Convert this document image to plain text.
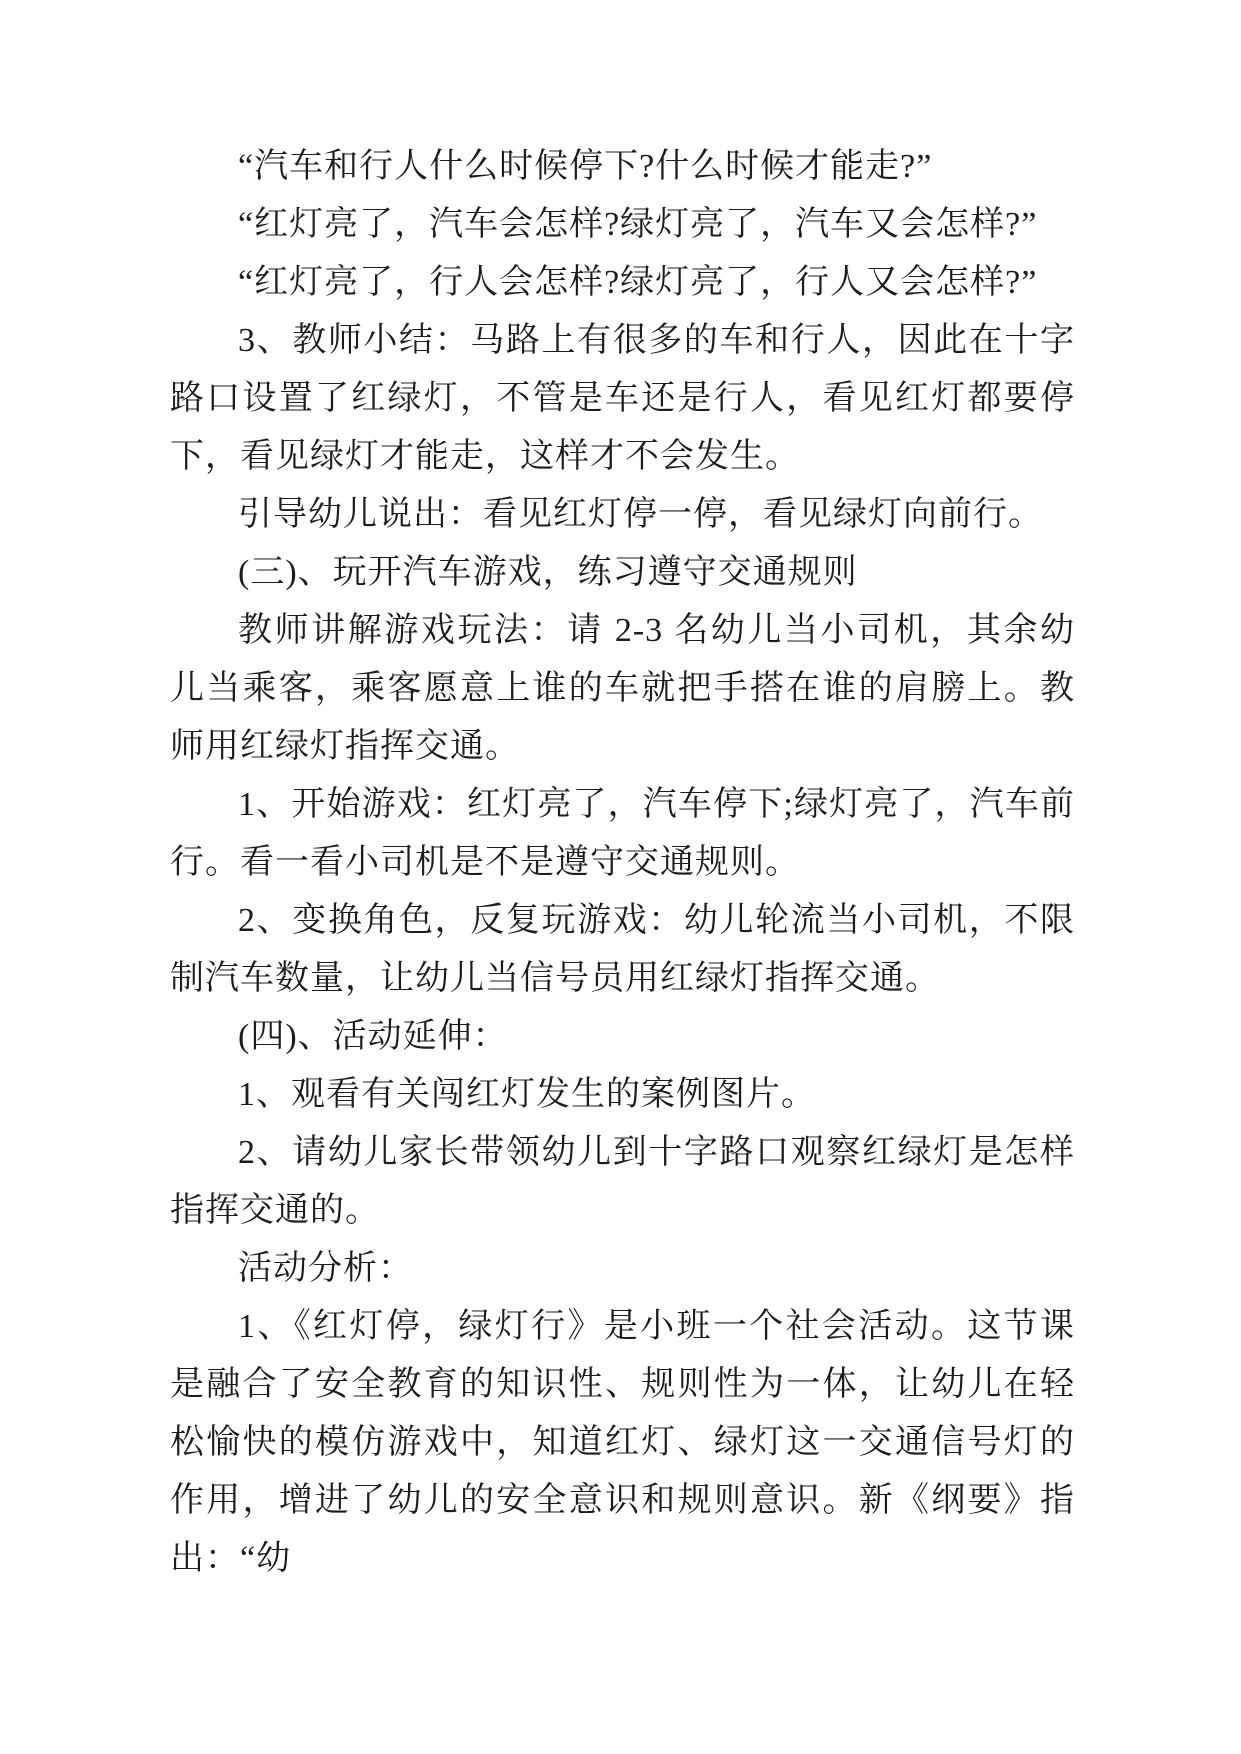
“汽车和行人什么时候停下?什么时候才能走?”

“红灯亮了，汽车会怎样?绿灯亮了，汽车又会怎样?”

“红灯亮了，行人会怎样?绿灯亮了，行人又会怎样?”

3、教师小结：马路上有很多的车和行人，因此在十字路口设置了红绿灯，不管是车还是行人，看见红灯都要停下，看见绿灯才能走，这样才不会发生。

引导幼儿说出：看见红灯停一停，看见绿灯向前行。

(三)、玩开汽车游戏，练习遵守交通规则

教师讲解游戏玩法：请 2-3 名幼儿当小司机，其余幼儿当乘客，乘客愿意上谁的车就把手搭在谁的肩膀上。教师用红绿灯指挥交通。

1、开始游戏：红灯亮了，汽车停下;绿灯亮了，汽车前行。看一看小司机是不是遵守交通规则。

2、变换角色，反复玩游戏：幼儿轮流当小司机，不限制汽车数量，让幼儿当信号员用红绿灯指挥交通。

(四)、活动延伸：

1、观看有关闯红灯发生的案例图片。

2、请幼儿家长带领幼儿到十字路口观察红绿灯是怎样指挥交通的。

活动分析：

1、《红灯停，绿灯行》是小班一个社会活动。这节课是融合了安全教育的知识性、规则性为一体，让幼儿在轻松愉快的模仿游戏中，知道红灯、绿灯这一交通信号灯的作用，增进了幼儿的安全意识和规则意识。新《纲要》指出：“幼
